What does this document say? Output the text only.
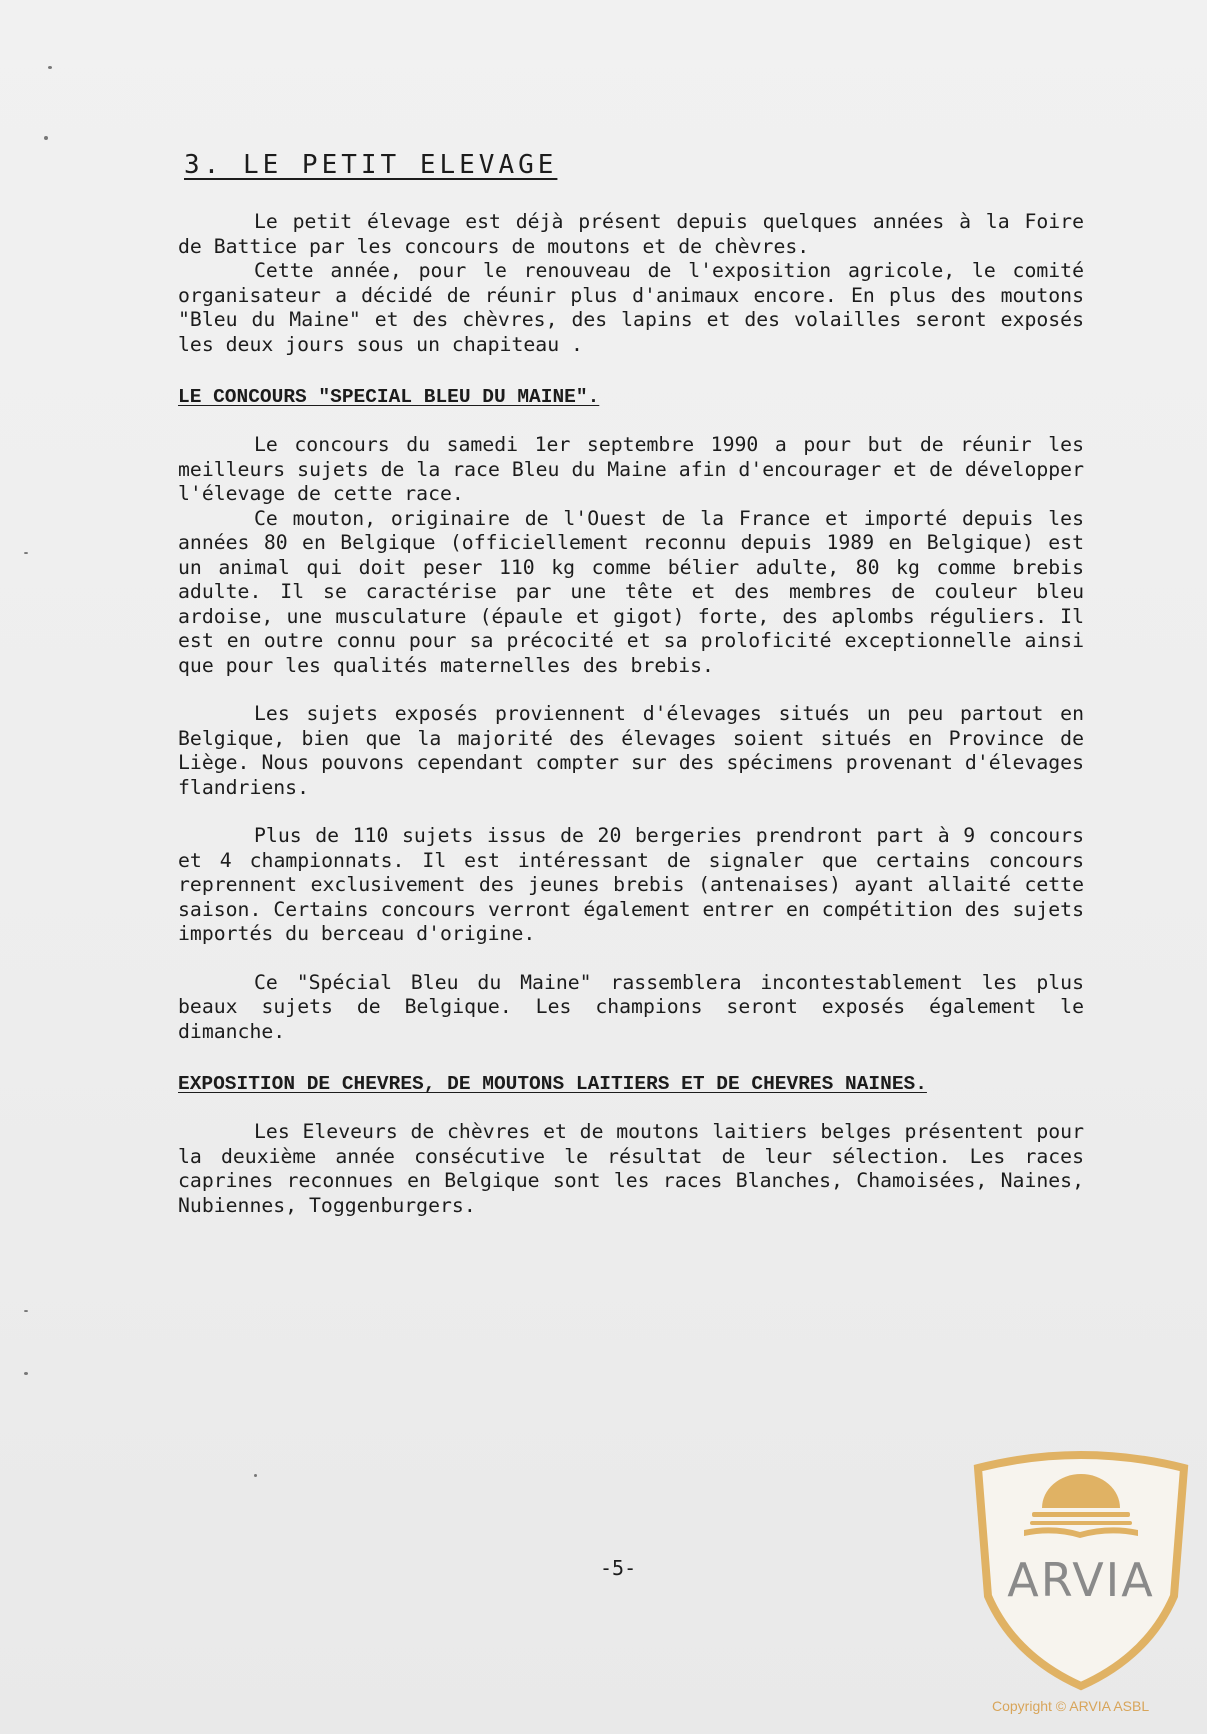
3. LE PETIT ELEVAGE

Le petit élevage est déjà présent depuis quelques années à la Foire de Battice par les concours de moutons et de chèvres.

Cette année, pour le renouveau de l'exposition agricole, le comité organisateur a décidé de réunir plus d'animaux encore. En plus des moutons "Bleu du Maine" et des chèvres, des lapins et des volailles seront exposés les deux jours sous un chapiteau .

LE CONCOURS "SPECIAL BLEU DU MAINE".

Le concours du samedi 1er septembre 1990 a pour but de réunir les meilleurs sujets de la race Bleu du Maine afin d'encourager et de développer l'élevage de cette race.

Ce mouton, originaire de l'Ouest de la France et importé depuis les années 80 en Belgique (officiellement reconnu depuis 1989 en Belgique) est un animal qui doit peser 110 kg comme bélier adulte, 80 kg comme brebis adulte. Il se caractérise par une tête et des membres de couleur bleu ardoise, une musculature (épaule et gigot) forte, des aplombs réguliers. Il est en outre connu pour sa précocité et sa proloficité exceptionnelle ainsi que pour les qualités maternelles des brebis.

Les sujets exposés proviennent d'élevages situés un peu partout en Belgique, bien que la majorité des élevages soient situés en Province de Liège. Nous pouvons cependant compter sur des spécimens provenant d'élevages flandriens.

Plus de 110 sujets issus de 20 bergeries prendront part à 9 concours et 4 championnats. Il est intéressant de signaler que certains concours reprennent exclusivement des jeunes brebis (antenaises) ayant allaité cette saison. Certains concours verront également entrer en compétition des sujets importés du berceau d'origine.

Ce "Spécial Bleu du Maine" rassemblera incontestablement les plus beaux sujets de Belgique. Les champions seront exposés également le dimanche.

EXPOSITION DE CHEVRES, DE MOUTONS LAITIERS ET DE CHEVRES NAINES.

Les Eleveurs de chèvres et de moutons laitiers belges présentent pour la deuxième année consécutive le résultat de leur sélection. Les races caprines reconnues en Belgique sont les races Blanches, Chamoisées, Naines, Nubiennes, Toggenburgers.

-5-	ARVIA
Copyright © ARVIA ASBL
